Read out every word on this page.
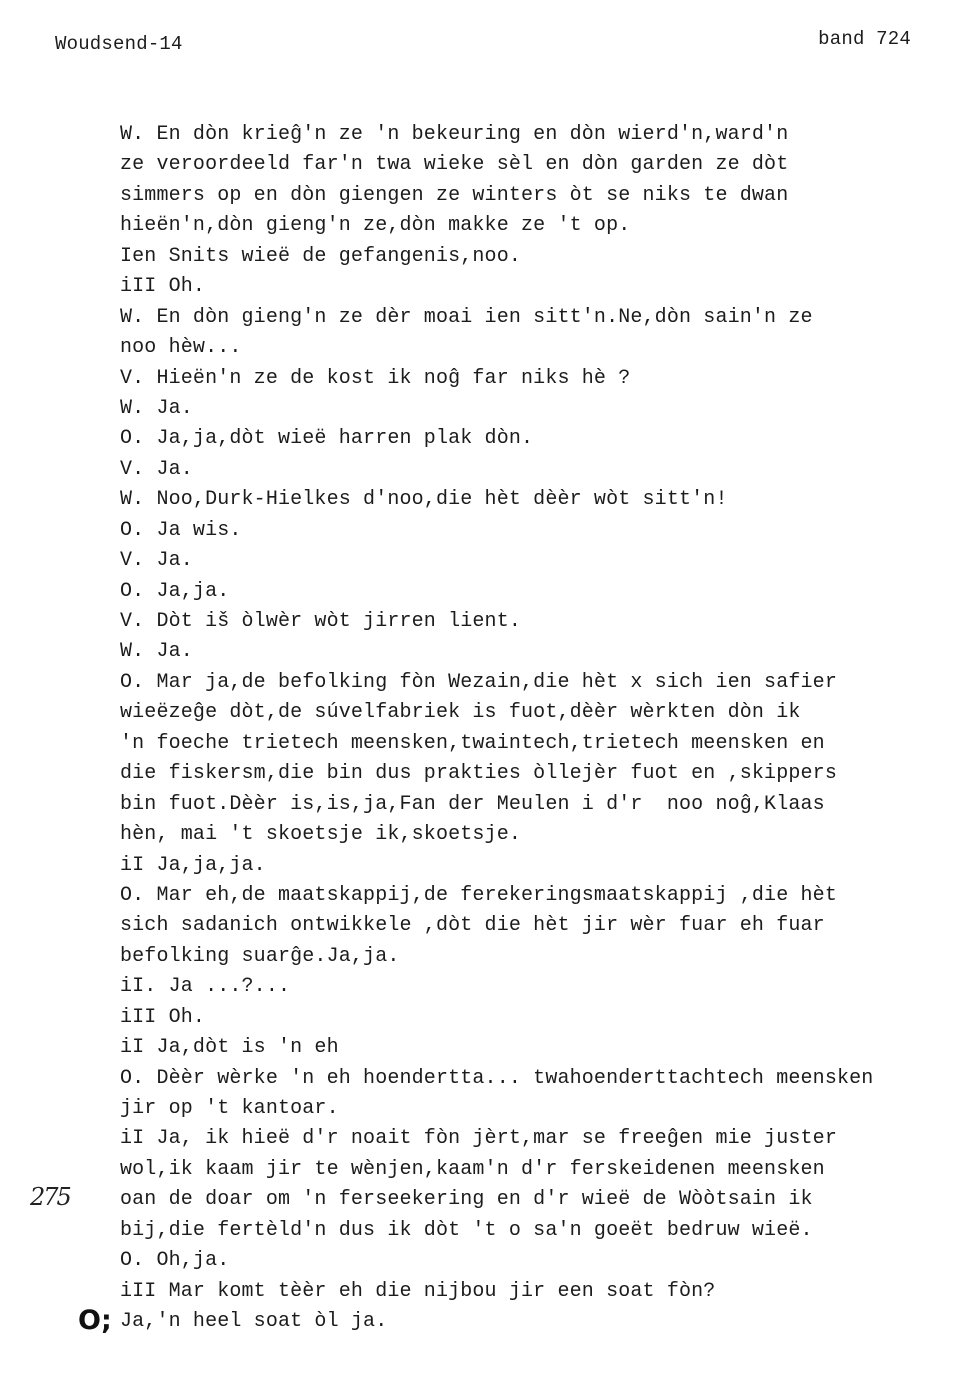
Woudsend-14	band 724
W. En dòn krieĝ'n ze 'n bekeuring en dòn wierd'n,ward'n
ze veroordeeld far'n twa wieke sèl en dòn garden ze dòt
simmers op en dòn giengen ze winters òt se niks te dwan
hieën'n,dòn gieng'n ze,dòn makke ze 't op.
Ien Snits wieë de gefangenis,noo.
iII Oh.
W. En dòn gieng'n ze dèr moai ien sitt'n.Ne,dòn sain'n ze
noo hèw...
V. Hieën'n ze de kost ik noĝ far niks hè ?
W. Ja.
O. Ja,ja,dòt wieë harren plak dòn.
V. Ja.
W. Noo,Durk-Hielkes d'noo,die hèt dèèr wòt sitt'n!
O. Ja wis.
V. Ja.
O. Ja,ja.
V. Dòt iš òlwèr wòt jirren lient.
W. Ja.
O. Mar ja,de befolking fòn Wezain,die hèt x sich ien safier
wieëzeĝe dòt,de súvelfabriek is fuot,dèèr wèrkten dòn ik
'n foeche trietech meensken,twaintech,trietech meensken en
die fiskersm,die bin dus prakties òllejèr fuot en ,skippers
bin fuot.Dèèr is,is,ja,Fan der Meulen i d'r  noo noĝ,Klaas
hèn, mai 't skoetsje ik,skoetsje.
iI Ja,ja,ja.
O. Mar eh,de maatskappij,de ferekeringsmaatskappij ,die hèt
sich sadanich ontwikkele ,dòt die hèt jir wèr fuar eh fuar
befolking suarĝe.Ja,ja.
iI. Ja ...?...
iII Oh.
iI Ja,dòt is 'n eh
O. Dèèr wèrke 'n eh hoendertta... twahoenderttachtech meensken
jir op 't kantoar.
iI Ja, ik hieë d'r noait fòn jèrt,mar se freeĝen mie juster
wol,ik kaam jir te wènjen,kaam'n d'r ferskeidenen meensken
oan de doar om 'n ferseekering en d'r wieë de Wòòtsain ik
bij,die fertèld'n dus ik dòt 't o sa'n goeët bedruw wieë.
O. Oh,ja.
iII Mar komt tèèr eh die nijbou jir een soat fòn?
Ja,'n heel soat òl ja.
275
O;
